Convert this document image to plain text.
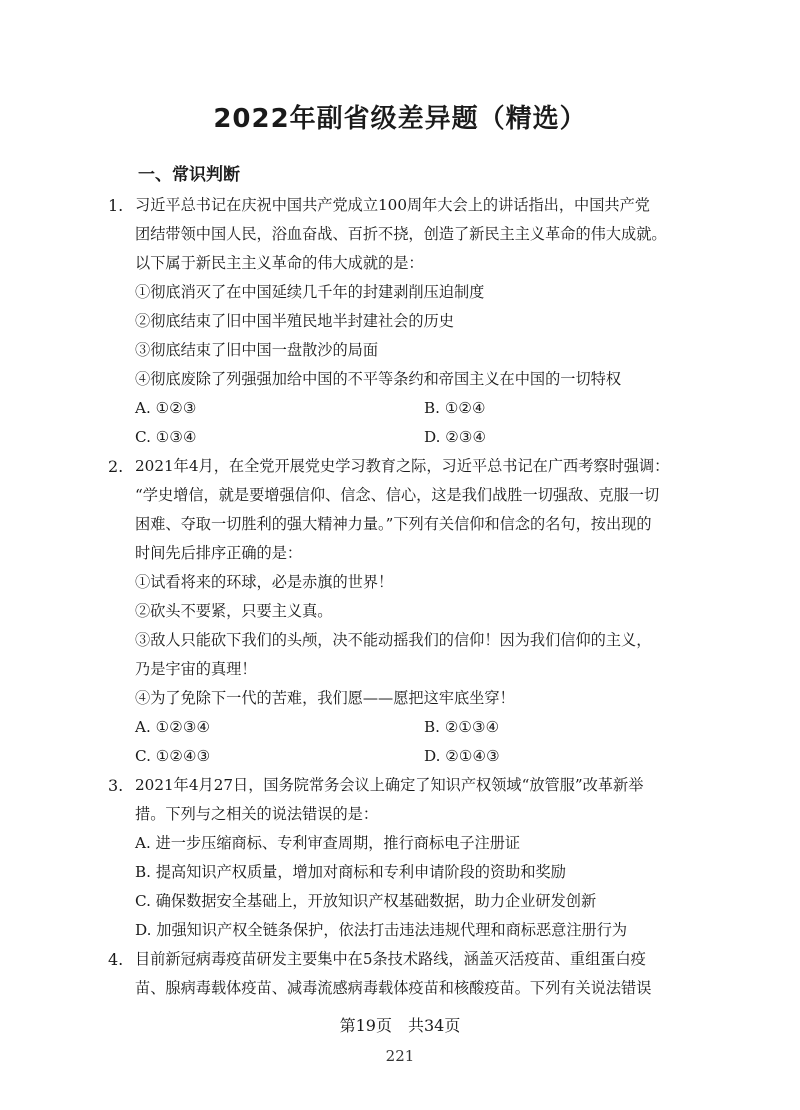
2022年副省级差异题（精选）
一、常识判断
1. 习近平总书记在庆祝中国共产党成立100周年大会上的讲话指出，中国共产党
团结带领中国人民，浴血奋战、百折不挠，创造了新民主主义革命的伟大成就。
以下属于新民主主义革命的伟大成就的是：
①彻底消灭了在中国延续几千年的封建剥削压迫制度
②彻底结束了旧中国半殖民地半封建社会的历史
③彻底结束了旧中国一盘散沙的局面
④彻底废除了列强强加给中国的不平等条约和帝国主义在中国的一切特权
A. ①②③	B. ①②④
C. ①③④	D. ②③④
2. 2021年4月，在全党开展党史学习教育之际，习近平总书记在广西考察时强调：
“学史增信，就是要增强信仰、信念、信心，这是我们战胜一切强敌、克服一切
困难、夺取一切胜利的强大精神力量。”下列有关信仰和信念的名句，按出现的
时间先后排序正确的是：
①试看将来的环球，必是赤旗的世界！
②砍头不要紧，只要主义真。
③敌人只能砍下我们的头颅，决不能动摇我们的信仰！因为我们信仰的主义，
乃是宇宙的真理！
④为了免除下一代的苦难，我们愿——愿把这牢底坐穿！
A. ①②③④	B. ②①③④
C. ①②④③	D. ②①④③
3. 2021年4月27日，国务院常务会议上确定了知识产权领域“放管服”改革新举
措。下列与之相关的说法错误的是：
A. 进一步压缩商标、专利审查周期，推行商标电子注册证
B. 提高知识产权质量，增加对商标和专利申请阶段的资助和奖励
C. 确保数据安全基础上，开放知识产权基础数据，助力企业研发创新
D. 加强知识产权全链条保护，依法打击违法违规代理和商标恶意注册行为
4. 目前新冠病毒疫苗研发主要集中在5条技术路线，涵盖灭活疫苗、重组蛋白疫
苗、腺病毒载体疫苗、减毒流感病毒载体疫苗和核酸疫苗。下列有关说法错误
第19页　共34页
221
